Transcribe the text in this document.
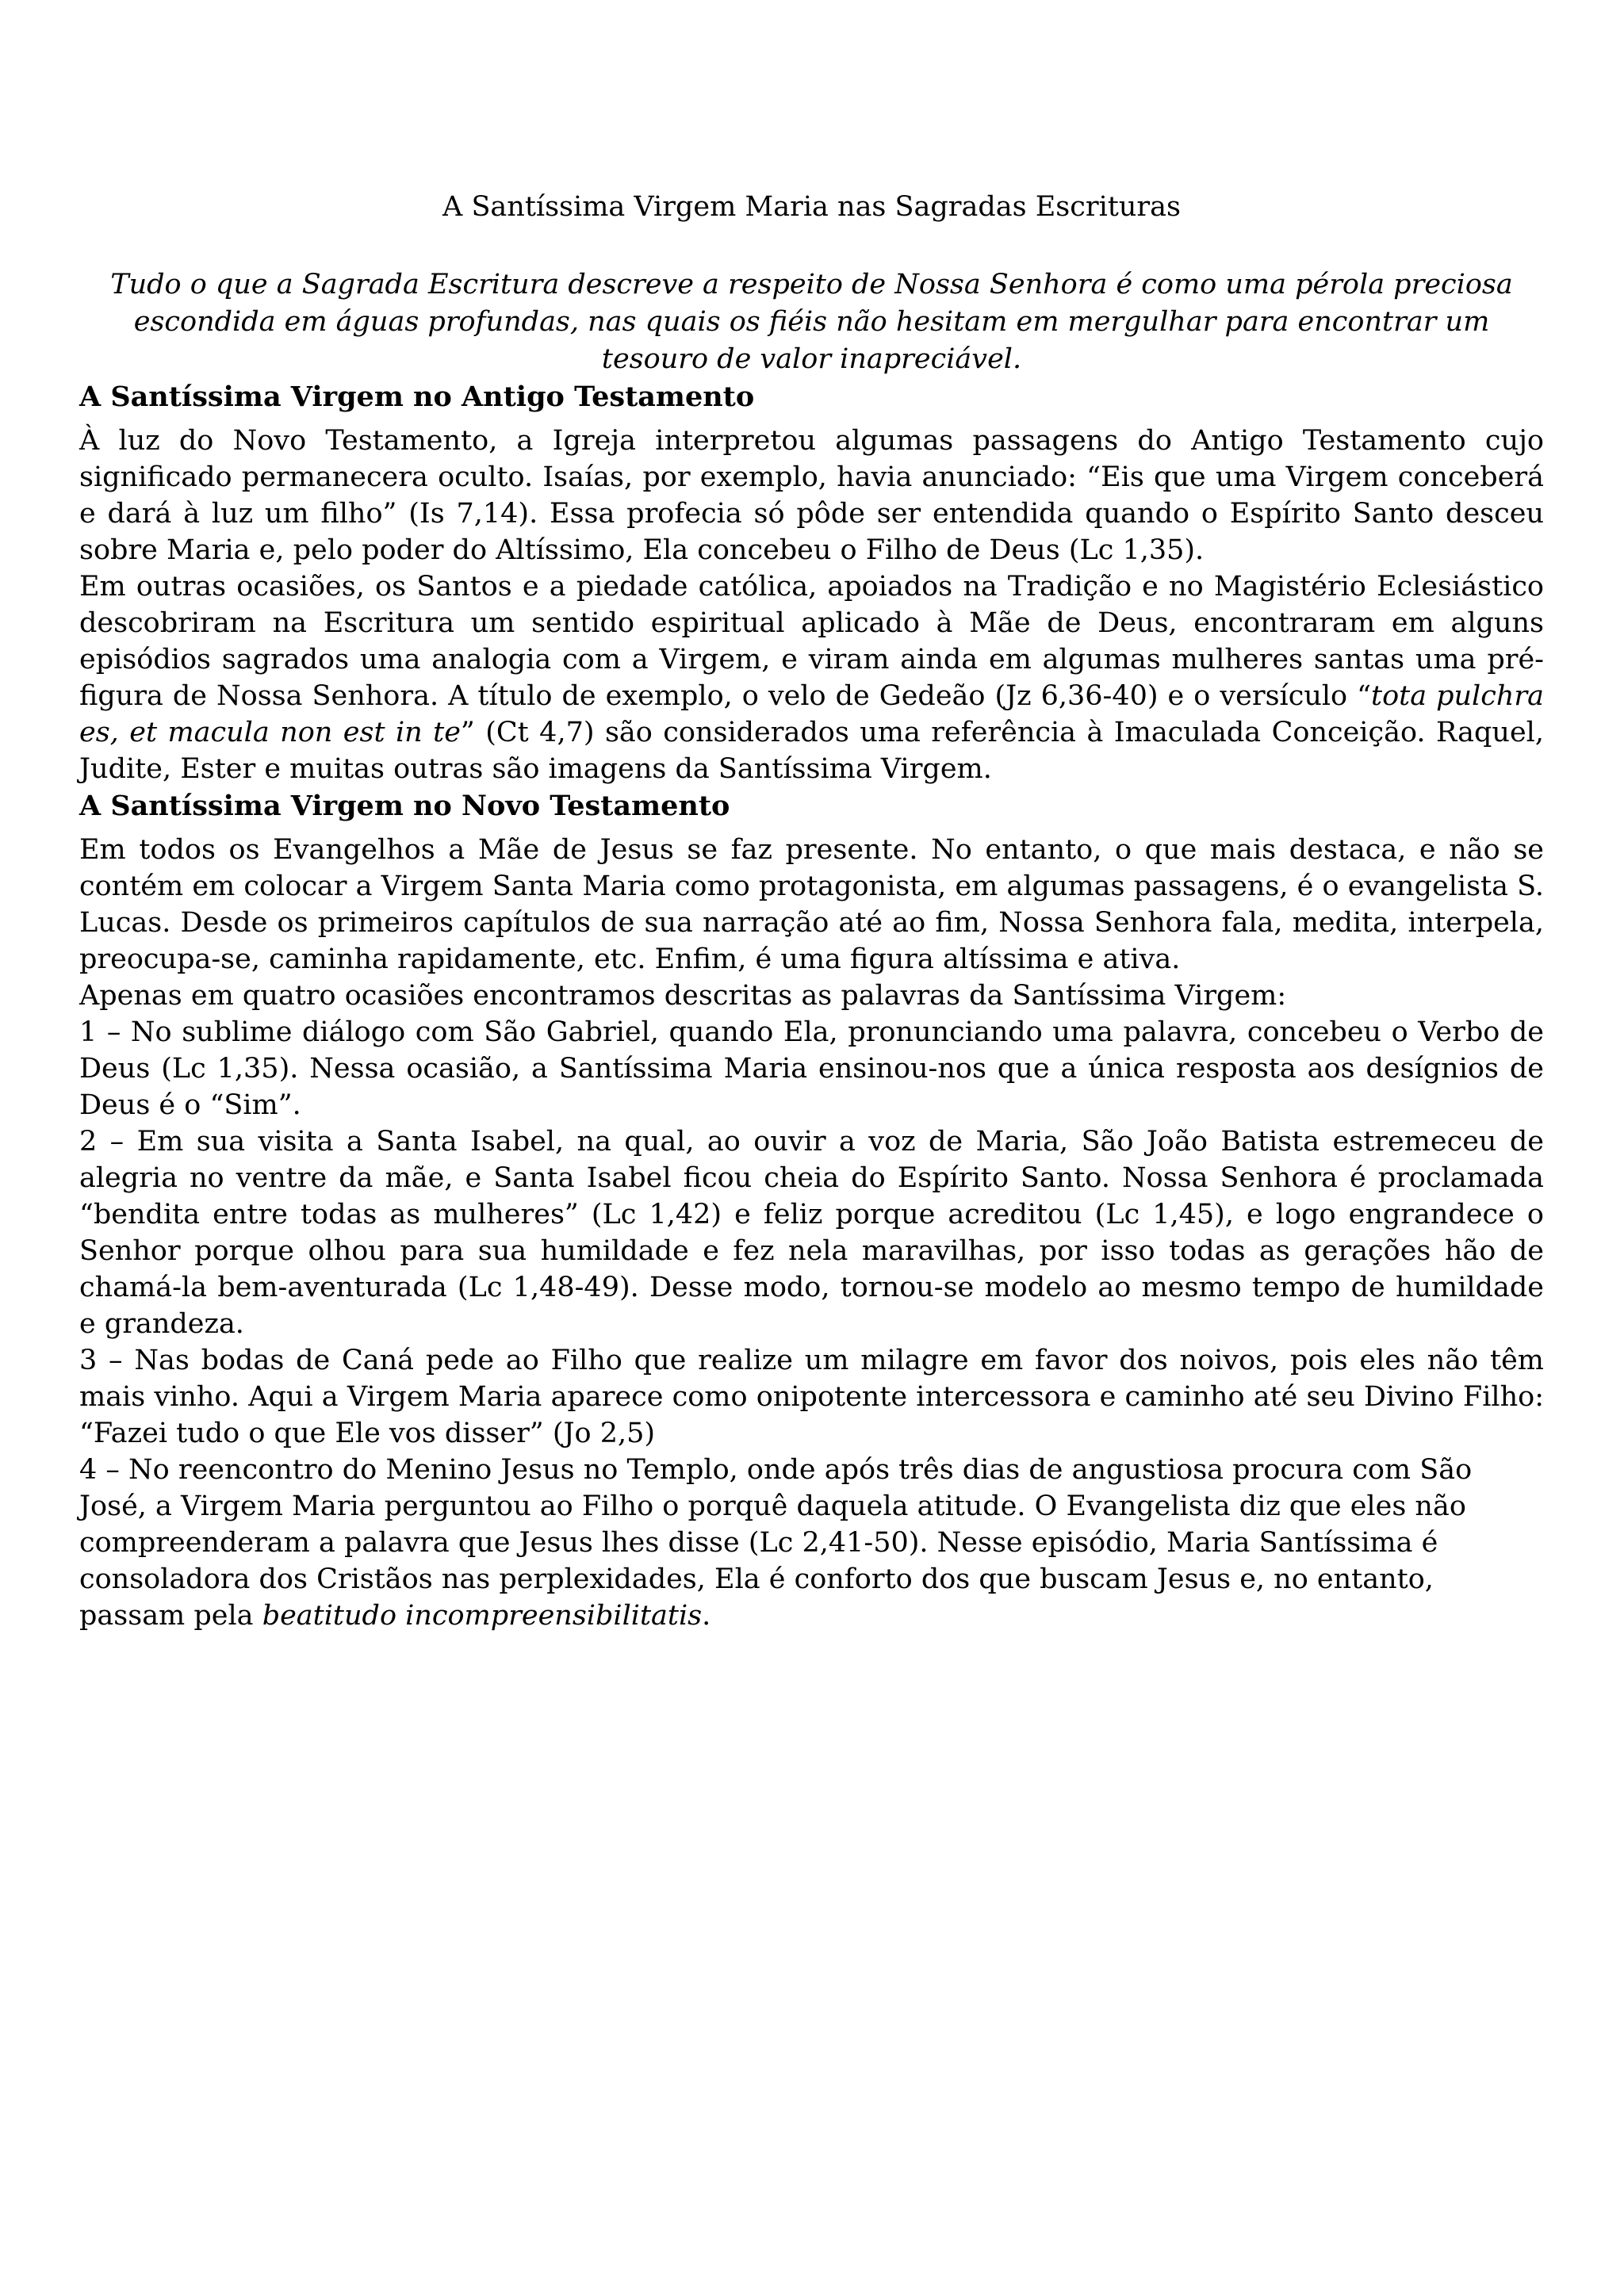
A Santíssima Virgem Maria nas Sagradas Escrituras

Tudo o que a Sagrada Escritura descreve a respeito de Nossa Senhora é como uma pérola preciosa escondida em águas profundas, nas quais os fiéis não hesitam em mergulhar para encontrar um tesouro de valor inapreciável.

A Santíssima Virgem no Antigo Testamento

À luz do Novo Testamento, a Igreja interpretou algumas passagens do Antigo Testamento cujo significado permanecera oculto. Isaías, por exemplo, havia anunciado: “Eis que uma Virgem conceberá e dará à luz um filho” (Is 7,14). Essa profecia só pôde ser entendida quando o Espírito Santo desceu sobre Maria e, pelo poder do Altíssimo, Ela concebeu o Filho de Deus (Lc 1,35).

Em outras ocasiões, os Santos e a piedade católica, apoiados na Tradição e no Magistério Eclesiástico descobriram na Escritura um sentido espiritual aplicado à Mãe de Deus, encontraram em alguns episódios sagrados uma analogia com a Virgem, e viram ainda em algumas mulheres santas uma pré-figura de Nossa Senhora. A título de exemplo, o velo de Gedeão (Jz 6,36-40) e o versículo “tota pulchra es, et macula non est in te” (Ct 4,7) são considerados uma referência à Imaculada Conceição. Raquel, Judite, Ester e muitas outras são imagens da Santíssima Virgem.

A Santíssima Virgem no Novo Testamento

Em todos os Evangelhos a Mãe de Jesus se faz presente. No entanto, o que mais destaca, e não se contém em colocar a Virgem Santa Maria como protagonista, em algumas passagens, é o evangelista S. Lucas. Desde os primeiros capítulos de sua narração até ao fim, Nossa Senhora fala, medita, interpela, preocupa-se, caminha rapidamente, etc. Enfim, é uma figura altíssima e ativa.

Apenas em quatro ocasiões encontramos descritas as palavras da Santíssima Virgem:

1 – No sublime diálogo com São Gabriel, quando Ela, pronunciando uma palavra, concebeu o Verbo de Deus (Lc 1,35). Nessa ocasião, a Santíssima Maria ensinou-nos que a única resposta aos desígnios de Deus é o “Sim”.

2 – Em sua visita a Santa Isabel, na qual, ao ouvir a voz de Maria, São João Batista estremeceu de alegria no ventre da mãe, e Santa Isabel ficou cheia do Espírito Santo. Nossa Senhora é proclamada “bendita entre todas as mulheres” (Lc 1,42) e feliz porque acreditou (Lc 1,45), e logo engrandece o Senhor porque olhou para sua humildade e fez nela maravilhas, por isso todas as gerações hão de chamá-la bem-aventurada (Lc 1,48-49). Desse modo, tornou-se modelo ao mesmo tempo de humildade e grandeza.

3 – Nas bodas de Caná pede ao Filho que realize um milagre em favor dos noivos, pois eles não têm mais vinho. Aqui a Virgem Maria aparece como onipotente intercessora e caminho até seu Divino Filho: “Fazei tudo o que Ele vos disser” (Jo 2,5)

4 – No reencontro do Menino Jesus no Templo, onde após três dias de angustiosa procura com São José, a Virgem Maria perguntou ao Filho o porquê daquela atitude. O Evangelista diz que eles não compreenderam a palavra que Jesus lhes disse (Lc 2,41-50). Nesse episódio, Maria Santíssima é consoladora dos Cristãos nas perplexidades, Ela é conforto dos que buscam Jesus e, no entanto, passam pela beatitudo incompreensibilitatis.
